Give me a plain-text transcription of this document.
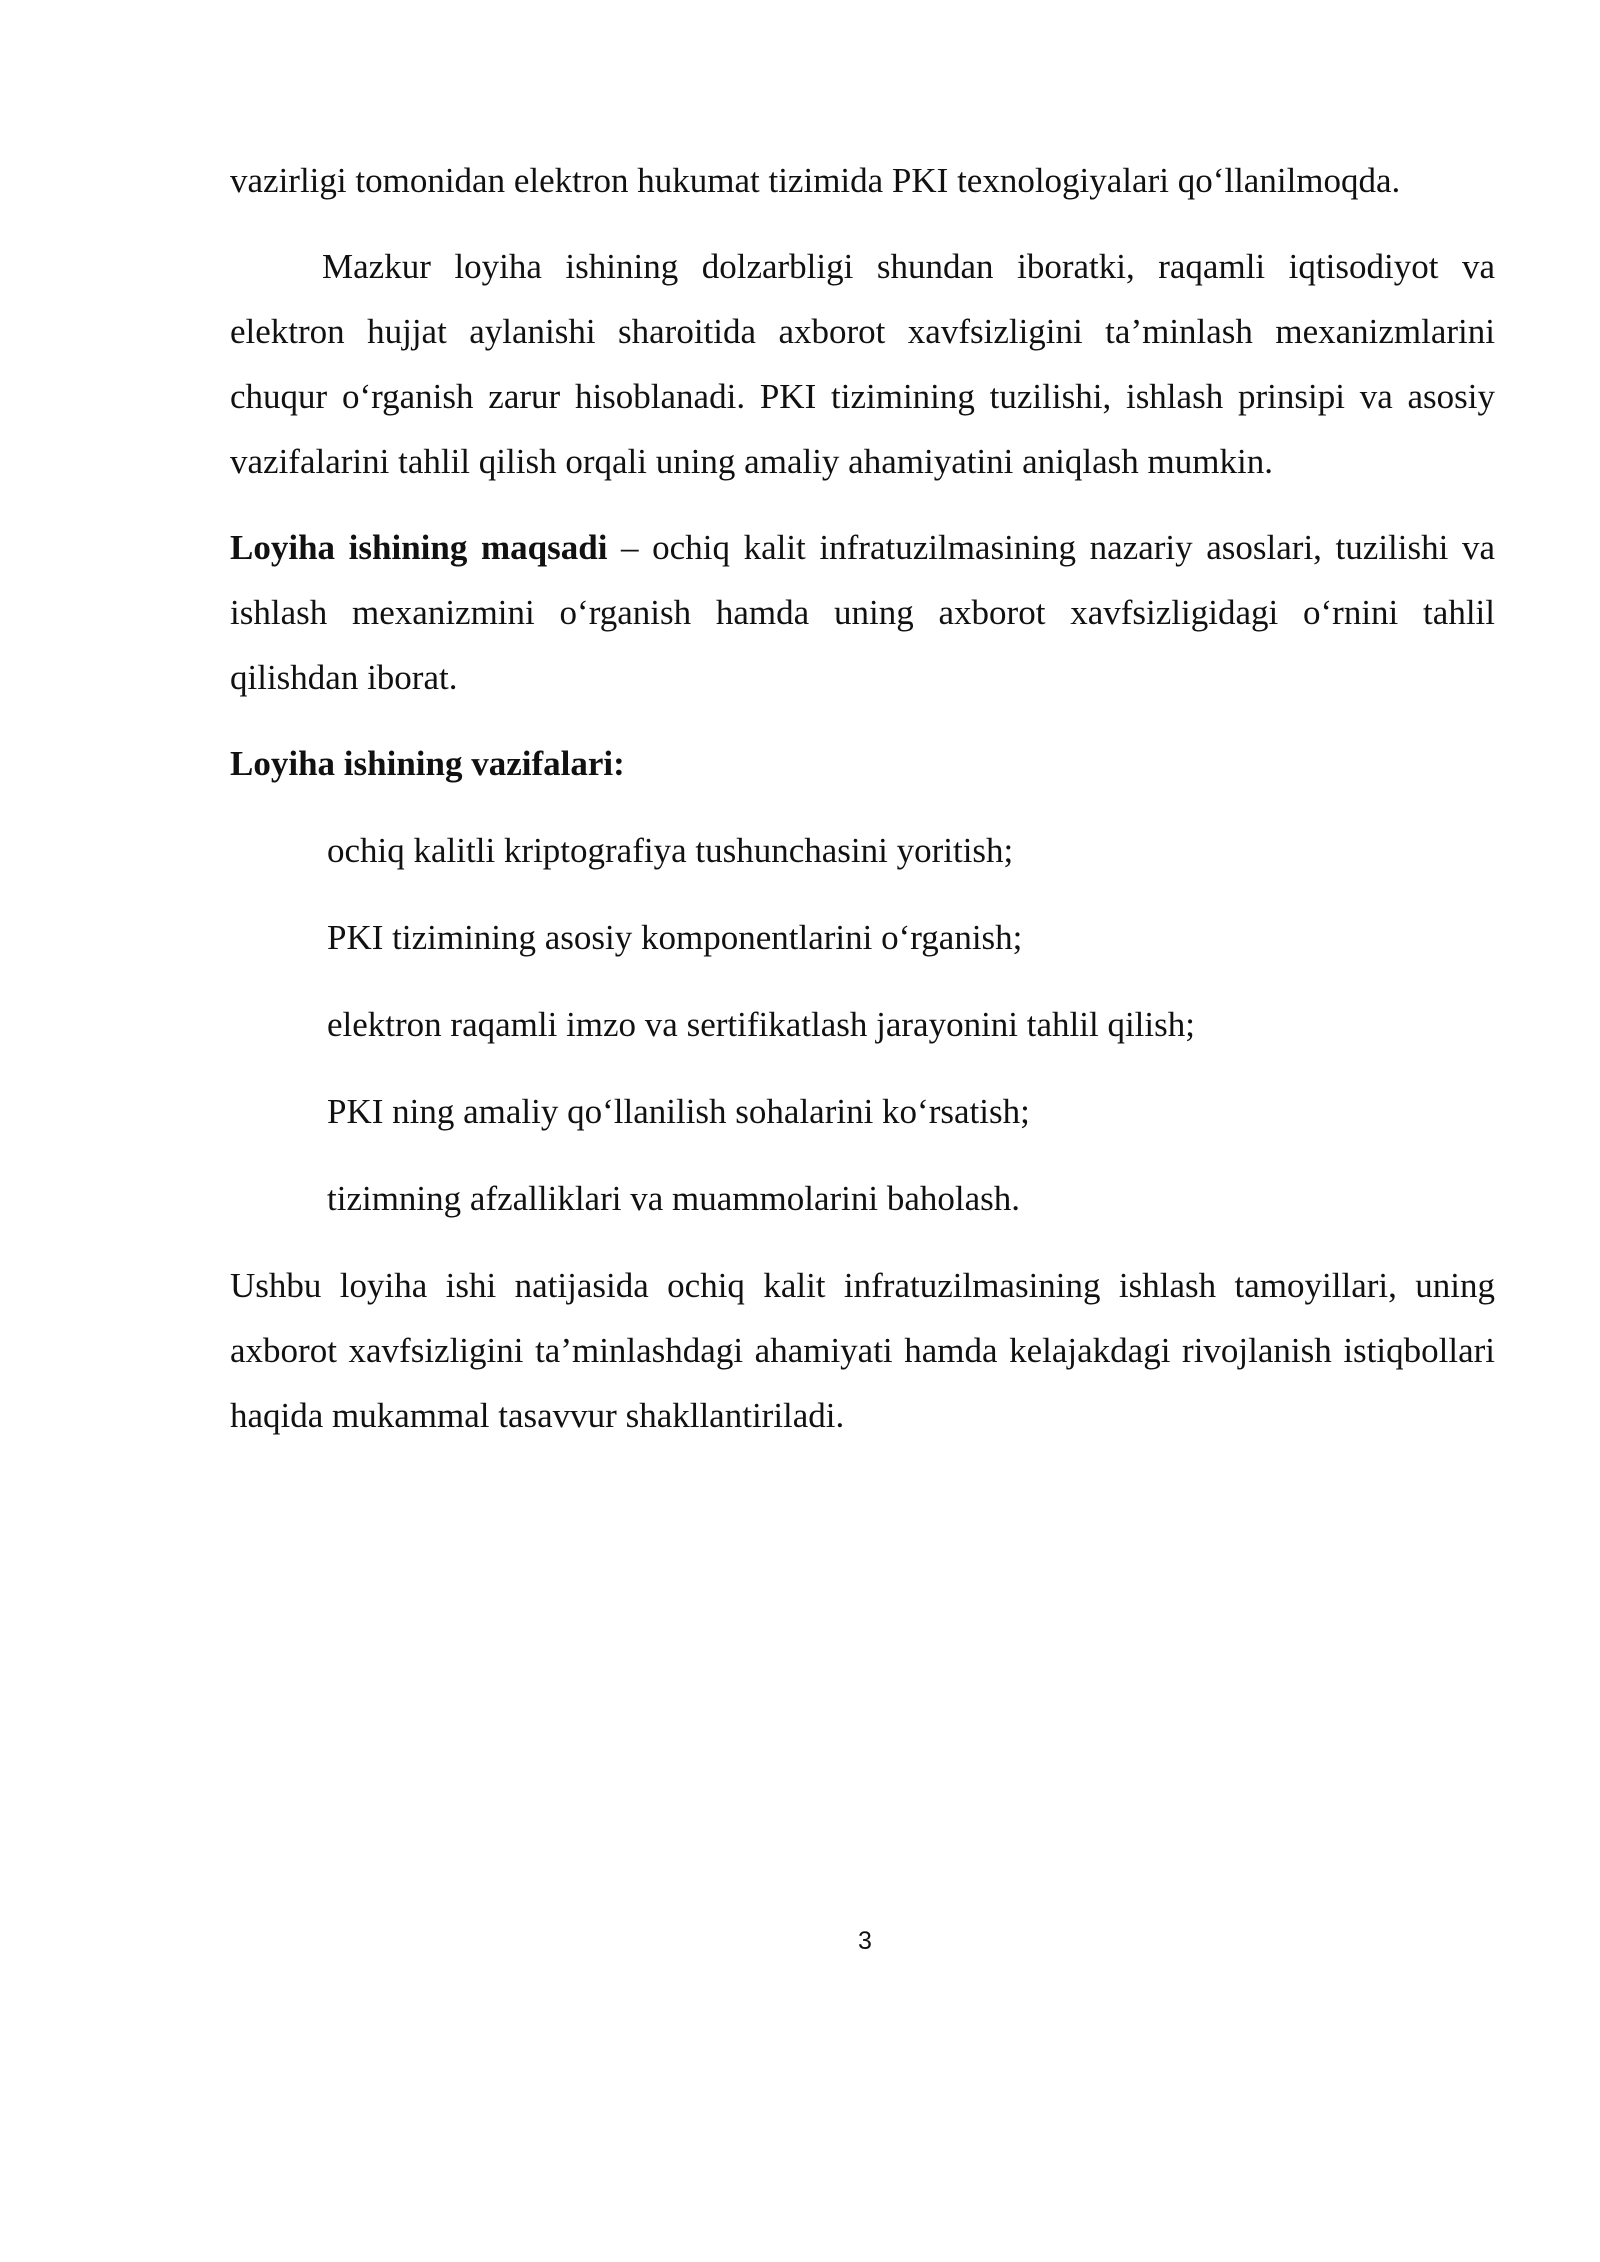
vazirligi tomonidan elektron hukumat tizimida PKI texnologiyalari qo‘llanilmoqda.

Mazkur loyiha ishining dolzarbligi shundan iboratki, raqamli iqtisodiyot va elektron hujjat aylanishi sharoitida axborot xavfsizligini ta’minlash mexanizmlarini chuqur o‘rganish zarur hisoblanadi. PKI tizimining tuzilishi, ishlash prinsipi va asosiy vazifalarini tahlil qilish orqali uning amaliy ahamiyatini aniqlash mumkin.

Loyiha ishining maqsadi – ochiq kalit infratuzilmasining nazariy asoslari, tuzilishi va ishlash mexanizmini o‘rganish hamda uning axborot xavfsizligidagi o‘rnini tahlil qilishdan iborat.

Loyiha ishining vazifalari:

ochiq kalitli kriptografiya tushunchasini yoritish;
PKI tizimining asosiy komponentlarini o‘rganish;
elektron raqamli imzo va sertifikatlash jarayonini tahlil qilish;
PKI ning amaliy qo‘llanilish sohalarini ko‘rsatish;
tizimning afzalliklari va muammolarini baholash.

Ushbu loyiha ishi natijasida ochiq kalit infratuzilmasining ishlash tamoyillari, uning axborot xavfsizligini ta’minlashdagi ahamiyati hamda kelajakdagi rivojlanish istiqbollari haqida mukammal tasavvur shakllantiriladi.

3
